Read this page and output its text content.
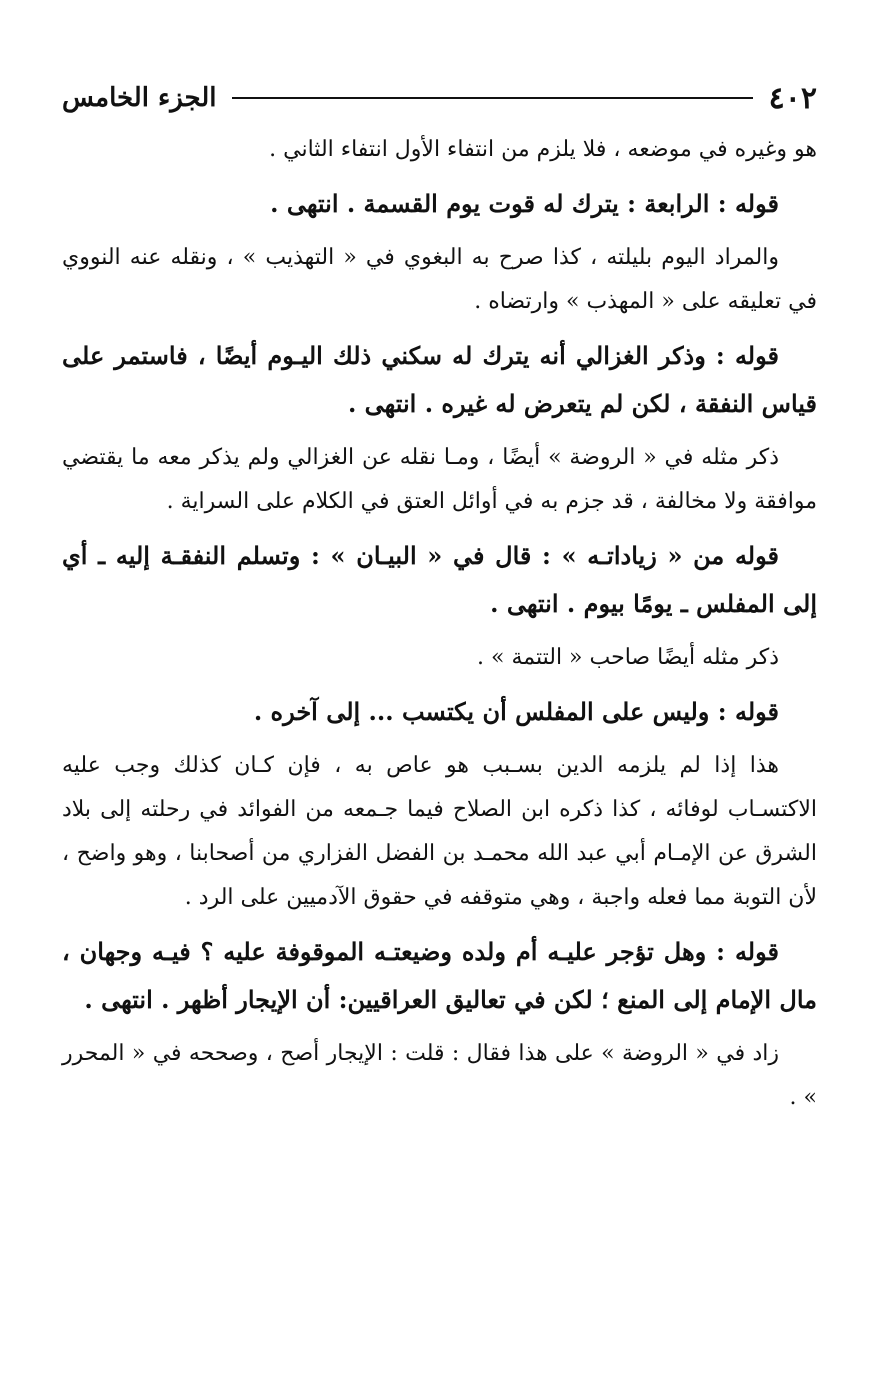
٤٠٢
الجزء الخامس

هو وغيره في موضعه ، فلا يلزم من انتفاء الأول انتفاء الثاني .

قوله : الرابعة : يترك له قوت يوم القسمة . انتهى .

والمراد اليوم بليلته ، كذا صرح به البغوي في « التهذيب » ، ونقله عنه النووي في تعليقه على « المهذب » وارتضاه .

قوله : وذكر الغزالي أنه يترك له سكني ذلك اليـوم أيضًا ، فاستمر على قياس النفقة ، لكن لم يتعرض له غيره . انتهى .

ذكر مثله في « الروضة » أيضًا ، ومـا نقله عن الغزالي ولم يذكر معه ما يقتضي موافقة ولا مخالفة ، قد جزم به في أوائل العتق في الكلام على السراية .

قوله من « زياداتـه » : قال في « البيـان » : وتسلم النفقـة إليه ـ أي إلى المفلس ـ يومًا بيوم . انتهى .

ذكر مثله أيضًا صاحب « التتمة » .

قوله : وليس على المفلس أن يكتسب ... إلى آخره .

هذا إذا لم يلزمه الدين بسـبب هو عاص به ، فإن كـان كذلك وجب عليه الاكتسـاب لوفائه ، كذا ذكره ابن الصلاح فيما جـمعه من الفوائد في رحلته إلى بلاد الشرق عن الإمـام أبي عبد الله محمـد بن الفضل الفزاري من أصحابنا ، وهو واضح ، لأن التوبة مما فعله واجبة ، وهي متوقفه في حقوق الآدميين على الرد .

قوله : وهل تؤجر عليـه أم ولده وضيعتـه الموقوفة عليه ؟ فيـه وجهان ، مال الإمام إلى المنع ؛ لكن في تعاليق العراقيين: أن الإيجار أظهر . انتهى .

زاد في « الروضة » على هذا فقال : قلت : الإيجار أصح ، وصححه في « المحرر » .
